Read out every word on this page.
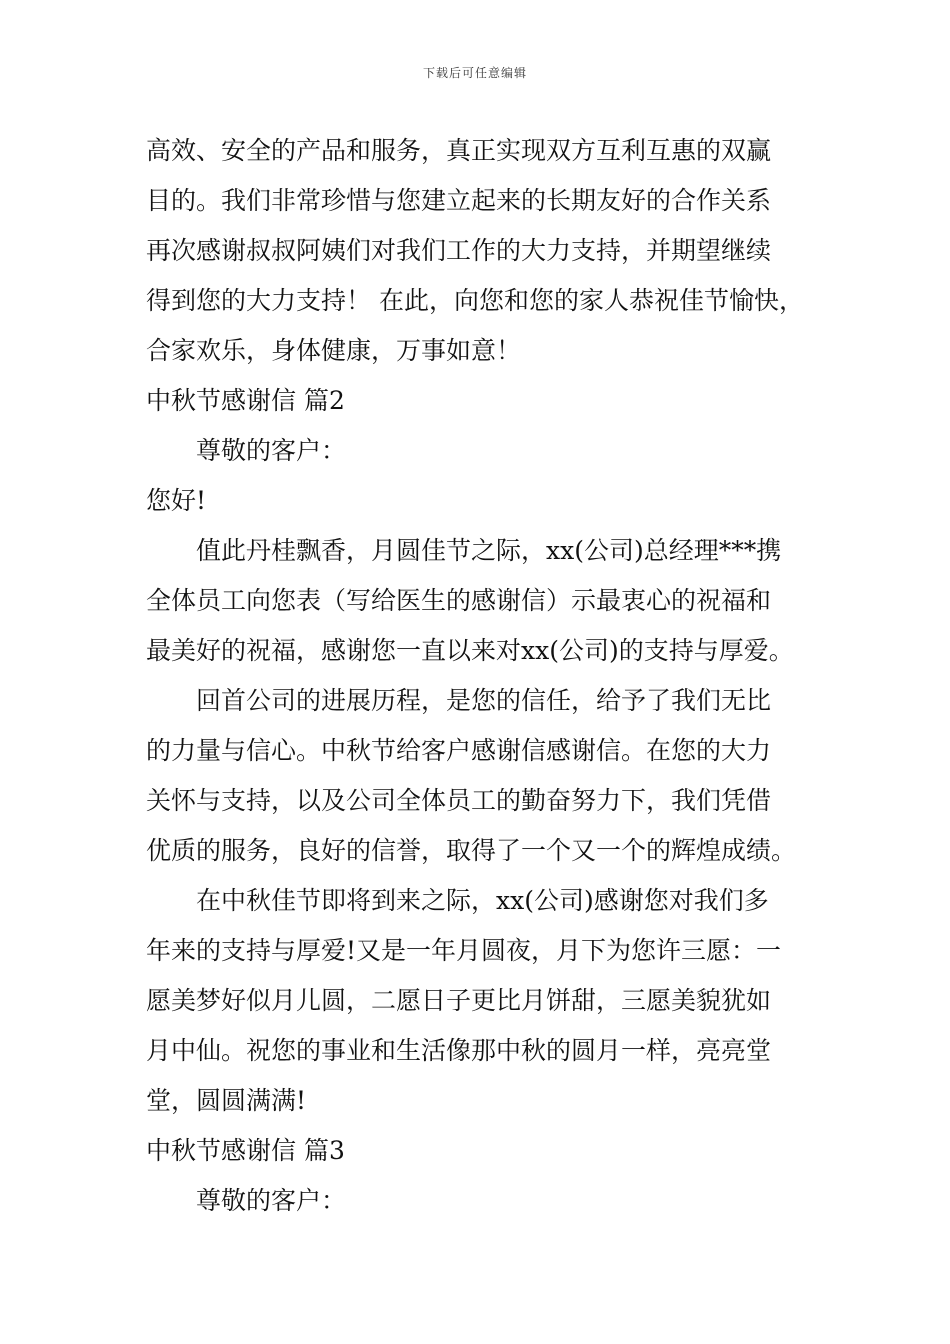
下载后可任意编辑
高效、安全的产品和服务，真正实现双方互利互惠的双赢
目的。我们非常珍惜与您建立起来的长期友好的合作关系
再次感谢叔叔阿姨们对我们工作的大力支持，并期望继续
得到您的大力支持！ 在此，向您和您的家人恭祝佳节愉快，
合家欢乐，身体健康，万事如意！
中秋节感谢信 篇2
尊敬的客户：
您好!
值此丹桂飘香，月圆佳节之际，xx(公司)总经理***携
全体员工向您表（写给医生的感谢信）示最衷心的祝福和
最美好的祝福，感谢您一直以来对xx(公司)的支持与厚爱。
回首公司的进展历程，是您的信任，给予了我们无比
的力量与信心。中秋节给客户感谢信感谢信。在您的大力
关怀与支持，以及公司全体员工的勤奋努力下，我们凭借
优质的服务，良好的信誉，取得了一个又一个的辉煌成绩。
在中秋佳节即将到来之际，xx(公司)感谢您对我们多
年来的支持与厚爱!又是一年月圆夜，月下为您许三愿：一
愿美梦好似月儿圆，二愿日子更比月饼甜，三愿美貌犹如
月中仙。祝您的事业和生活像那中秋的圆月一样，亮亮堂
堂，圆圆满满!
中秋节感谢信 篇3
尊敬的客户：
